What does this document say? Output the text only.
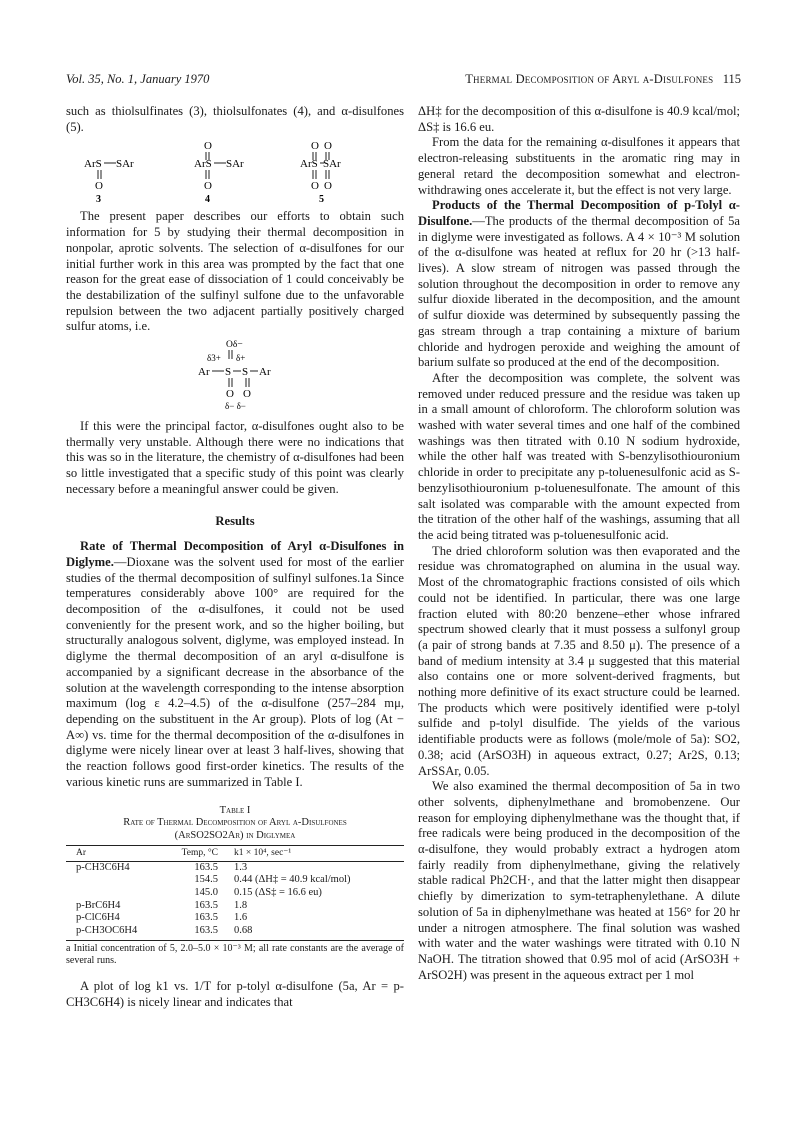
Vol. 35, No. 1, January 1970	Thermal Decomposition of Aryl α-Disulfones 115

such as thiolsulfinates (3), thiolsulfonates (4), and α-disulfones (5).

ArS SAr
O
3
O
ArS SAr
O
4
O O
ArS SAr
O O
5

The present paper describes our efforts to obtain such information for 5 by studying their thermal decomposition in nonpolar, aprotic solvents. The selection of α-disulfones for our initial further work in this area was prompted by the fact that one reason for the great ease of dissociation of 1 could conceivably be the destabilization of the sulfinyl sulfone due to the unfavorable repulsion between the two adjacent partially positively charged sulfur atoms, i.e.

Oδ−
δ3+ δ+
Ar S S Ar
O O
δ− δ−

If this were the principal factor, α-disulfones ought also to be thermally very unstable. Although there were no indications that this was so in the literature, the chemistry of α-disulfones had been so little investigated that a specific study of this point was clearly necessary before a meaningful answer could be given.

Results

Rate of Thermal Decomposition of Aryl α-Disulfones in Diglyme.—Dioxane was the solvent used for most of the earlier studies of the thermal decomposition of sulfinyl sulfones.1a Since temperatures considerably above 100° are required for the decomposition of the α-disulfones, it could not be used conveniently for the present work, and so the higher boiling, but structurally analogous solvent, diglyme, was employed instead. In diglyme the thermal decomposition of an aryl α-disulfone is accompanied by a significant decrease in the absorbance of the solution at the wavelength corresponding to the intense absorption maximum (log ε 4.2–4.5) of the α-disulfone (257–284 mμ, depending on the substituent in the Ar group). Plots of log (At − A∞) vs. time for the thermal decomposition of the α-disulfones in diglyme were nicely linear over at least 3 half-lives, showing that the reaction follows good first-order kinetics. The results of the various kinetic runs are summarized in Table I.

Table I
Rate of Thermal Decomposition of Aryl α-Disulfones
(ArSO2SO2Ar) in Diglymea
Ar	Temp, °C	k1 × 10⁴, sec⁻¹
p-CH3C6H4	163.5	1.3
	154.5	0.44 (ΔH‡ = 40.9 kcal/mol)
	145.0	0.15 (ΔS‡ = 16.6 eu)
p-BrC6H4	163.5	1.8
p-ClC6H4	163.5	1.6
p-CH3OC6H4	163.5	0.68
a Initial concentration of 5, 2.0–5.0 × 10⁻³ M; all rate constants are the average of several runs.

A plot of log k1 vs. 1/T for p-tolyl α-disulfone (5a, Ar = p-CH3C6H4) is nicely linear and indicates that

ΔH‡ for the decomposition of this α-disulfone is 40.9 kcal/mol; ΔS‡ is 16.6 eu.

From the data for the remaining α-disulfones it appears that electron-releasing substituents in the aromatic ring may in general retard the decomposition somewhat and electron-withdrawing ones accelerate it, but the effect is not very large.

Products of the Thermal Decomposition of p-Tolyl α-Disulfone.—The products of the thermal decomposition of 5a in diglyme were investigated as follows. A 4 × 10⁻³ M solution of the α-disulfone was heated at reflux for 20 hr (>13 half-lives). A slow stream of nitrogen was passed through the solution throughout the decomposition in order to remove any sulfur dioxide liberated in the decomposition, and the amount of sulfur dioxide was determined by subsequently passing the gas stream through a trap containing a mixture of barium chloride and hydrogen peroxide and weighing the amount of barium sulfate so produced at the end of the decomposition.

After the decomposition was complete, the solvent was removed under reduced pressure and the residue was taken up in a small amount of chloroform. The chloroform solution was washed with water several times and one half of the combined washings was then titrated with 0.10 N sodium hydroxide, while the other half was treated with S-benzylisothiouronium chloride in order to precipitate any p-toluenesulfonic acid as S-benzylisothiouronium p-toluenesulfonate. The amount of this salt isolated was comparable with the amount expected from the titration of the other half of the washings, assuming that all the acid being titrated was p-toluenesulfonic acid.

The dried chloroform solution was then evaporated and the residue was chromatographed on alumina in the usual way. Most of the chromatographic fractions consisted of oils which could not be identified. In particular, there was one large fraction eluted with 80:20 benzene–ether whose infrared spectrum showed clearly that it must possess a sulfonyl group (a pair of strong bands at 7.35 and 8.50 μ). The presence of a band of medium intensity at 3.4 μ suggested that this material also contains one or more solvent-derived fragments, but nothing more definitive of its exact structure could be learned. The products which were positively identified were p-tolyl sulfide and p-tolyl disulfide. The yields of the various identifiable products were as follows (mole/mole of 5a): SO2, 0.38; acid (ArSO3H) in aqueous extract, 0.27; Ar2S, 0.13; ArSSAr, 0.05.

We also examined the thermal decomposition of 5a in two other solvents, diphenylmethane and bromobenzene. Our reason for employing diphenylmethane was the thought that, if free radicals were being produced in the decomposition of the α-disulfone, they would probably extract a hydrogen atom fairly readily from diphenylmethane, giving the relatively stable radical Ph2CH·, and that the latter might then disappear chiefly by dimerization to sym-tetraphenylethane. A dilute solution of 5a in diphenylmethane was heated at 156° for 20 hr under a nitrogen atmosphere. The final solution was washed with water and the water washings were titrated with 0.10 N NaOH. The titration showed that 0.95 mol of acid (ArSO3H + ArSO2H) was present in the aqueous extract per 1 mol
